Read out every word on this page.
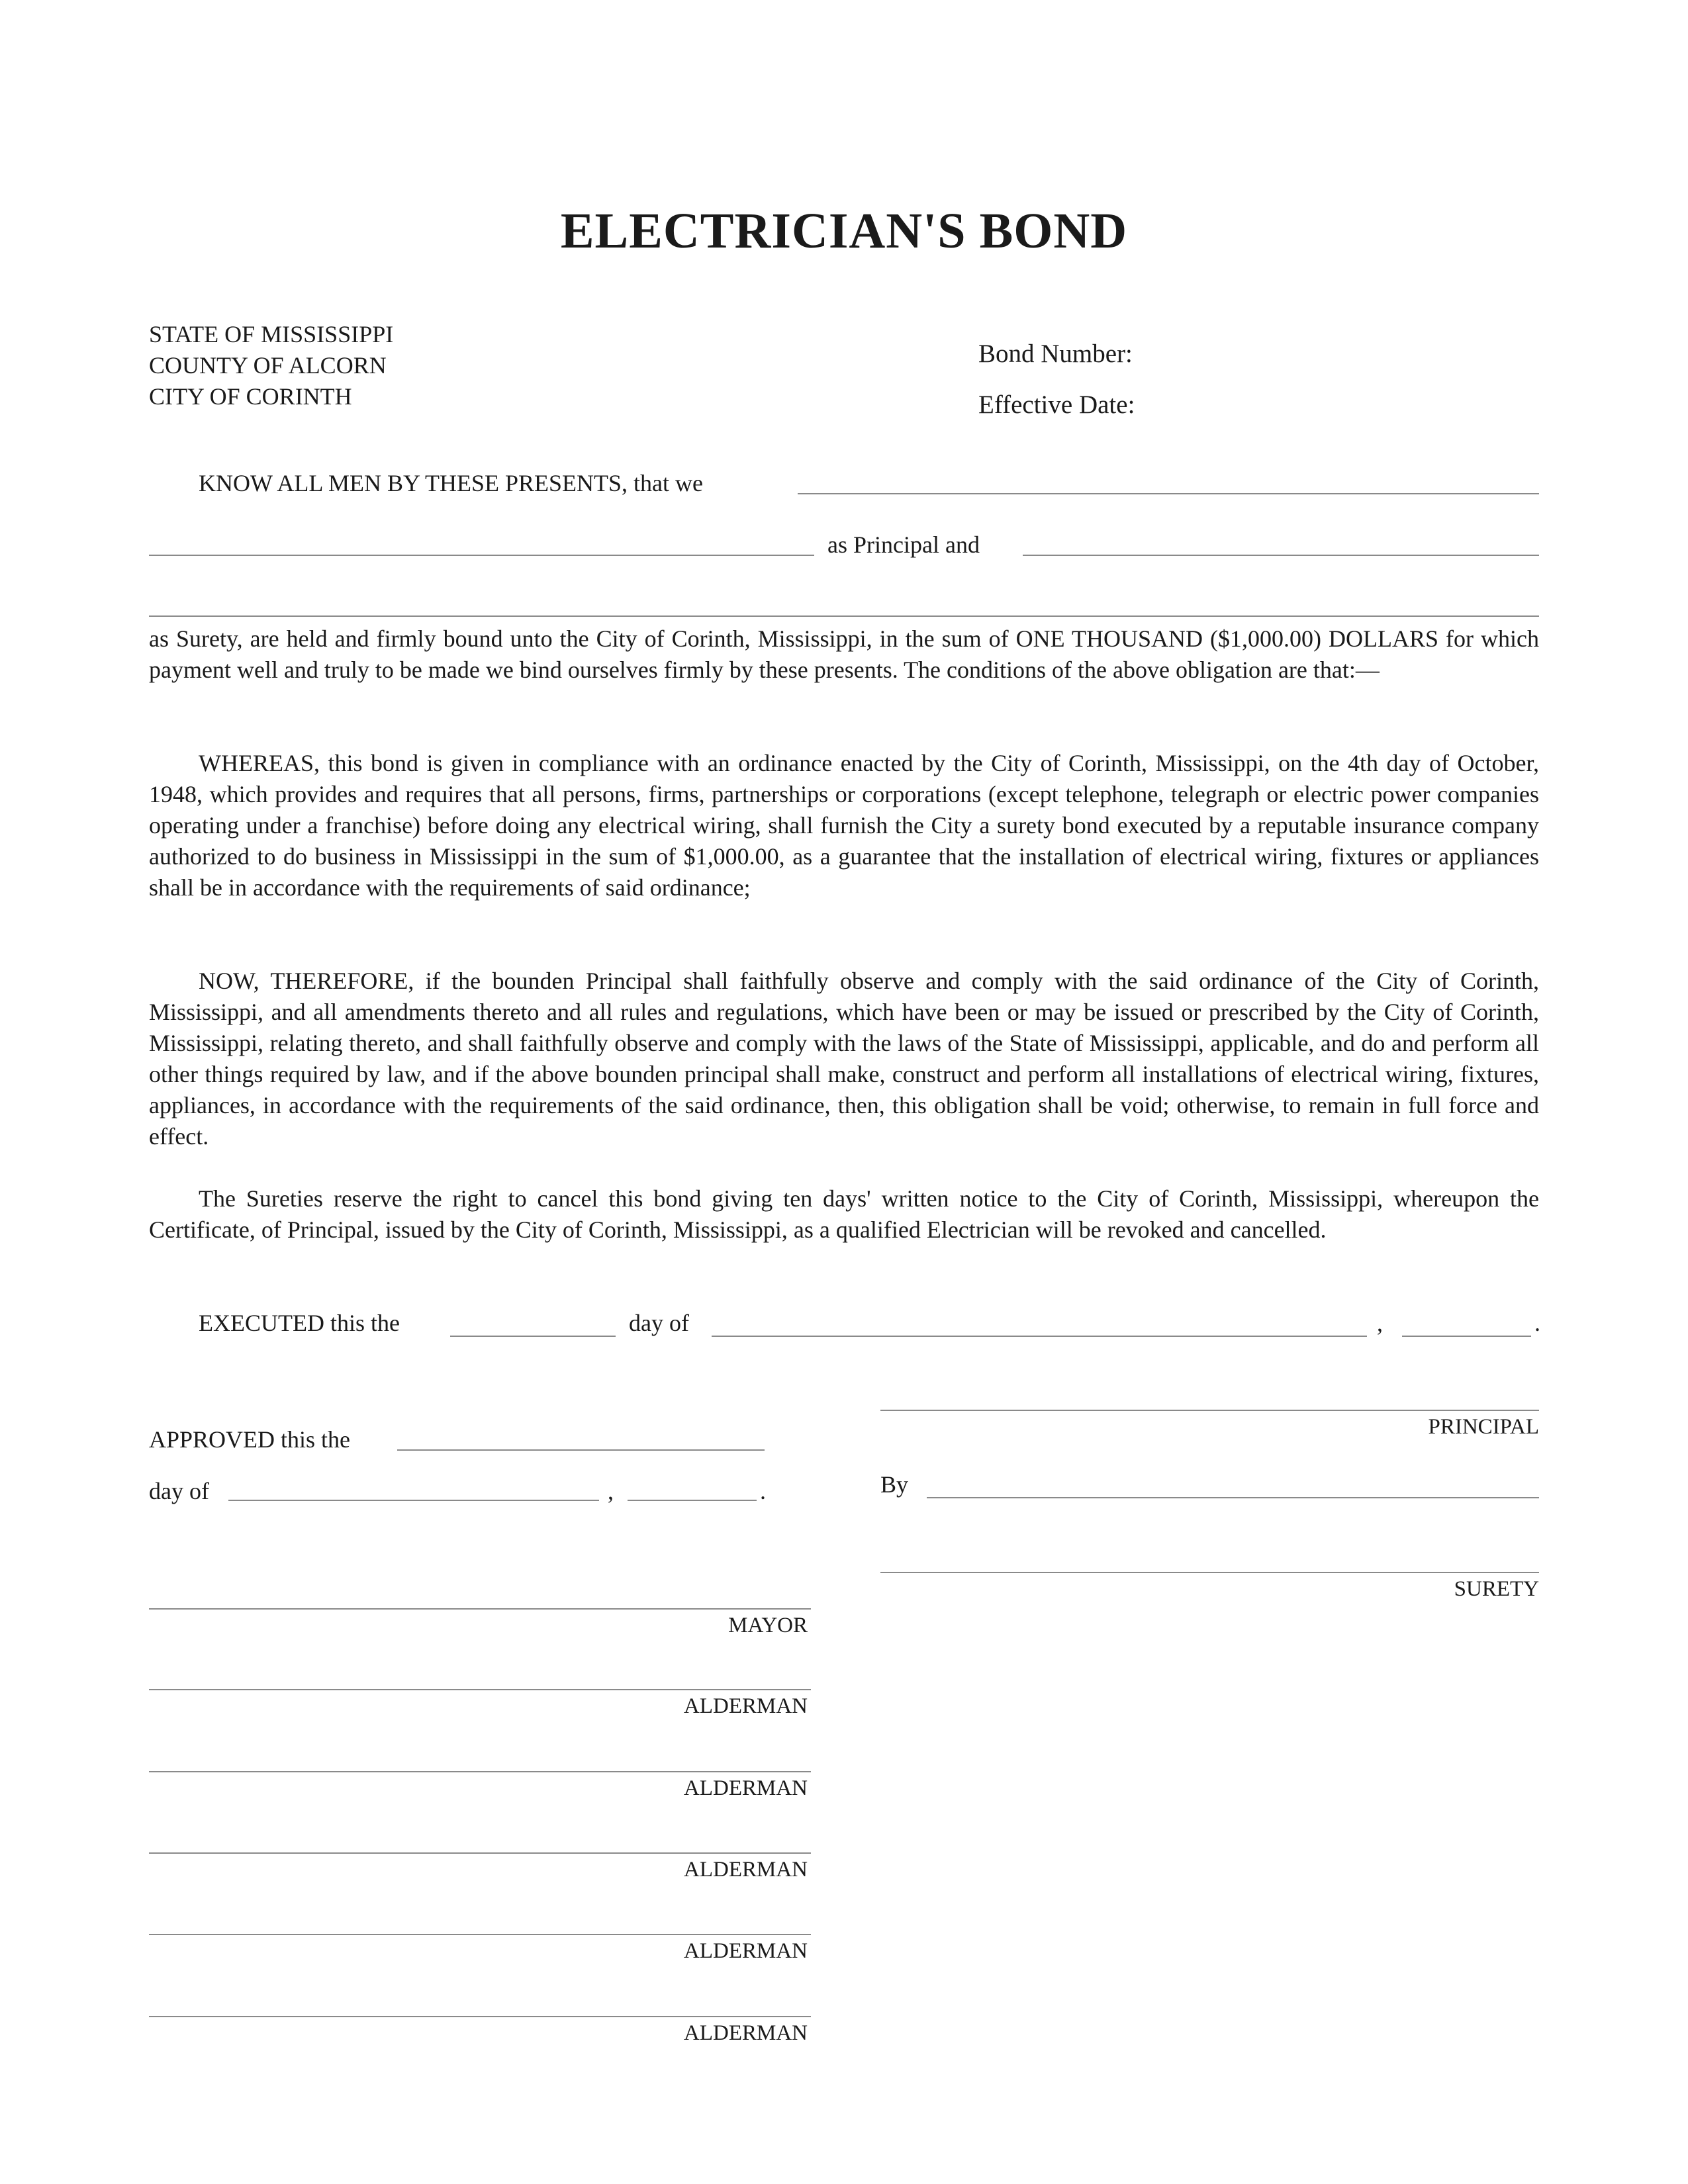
ELECTRICIAN'S BOND
STATE OF MISSISSIPPI
COUNTY OF ALCORN
CITY OF CORINTH
Bond Number:
Effective Date:
KNOW ALL MEN BY THESE PRESENTS, that we
as Principal and
as Surety, are held and firmly bound unto the City of Corinth, Mississippi, in the sum of ONE THOUSAND ($1,000.00) DOLLARS for which payment well and truly to be made we bind ourselves firmly by these presents. The conditions of the above obligation are that:—
WHEREAS, this bond is given in compliance with an ordinance enacted by the City of Corinth, Mississippi, on the 4th day of October, 1948, which provides and requires that all persons, firms, partnerships or corporations (except telephone, telegraph or electric power companies operating under a franchise) before doing any electrical wiring, shall furnish the City a surety bond executed by a reputable insurance company authorized to do business in Mississippi in the sum of $1,000.00, as a guarantee that the installation of electrical wiring, fixtures or appliances shall be in accordance with the requirements of said ordinance;
NOW, THEREFORE, if the bounden Principal shall faithfully observe and comply with the said ordinance of the City of Corinth, Mississippi, and all amendments thereto and all rules and regulations, which have been or may be issued or prescribed by the City of Corinth, Mississippi, relating thereto, and shall faithfully observe and comply with the laws of the State of Mississippi, applicable, and do and perform all other things required by law, and if the above bounden principal shall make, construct and perform all installations of electrical wiring, fixtures, appliances, in accordance with the requirements of the said ordinance, then, this obligation shall be void; otherwise, to remain in full force and effect.
The Sureties reserve the right to cancel this bond giving ten days' written notice to the City of Corinth, Mississippi, whereupon the Certificate, of Principal, issued by the City of Corinth, Mississippi, as a qualified Electrician will be revoked and cancelled.
EXECUTED this the	day of	,	.
PRINCIPAL
APPROVED this the
day of	,	.	By
SURETY
MAYOR
ALDERMAN
ALDERMAN
ALDERMAN
ALDERMAN
ALDERMAN
